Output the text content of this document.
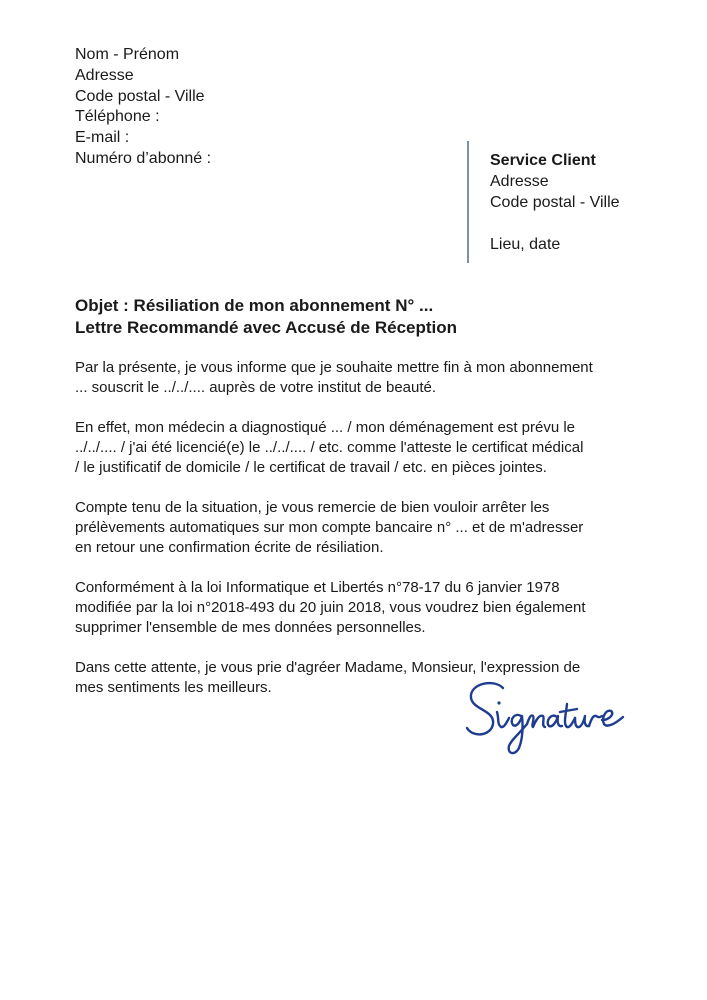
Nom - Prénom
Adresse
Code postal - Ville
Téléphone :
E-mail :
Numéro d’abonné :	Service Client
Adresse
Code postal - Ville
Lieu, date
Objet : Résiliation de mon abonnement N° ...
Lettre Recommandé avec Accusé de Réception

Par la présente, je vous informe que je souhaite mettre fin à mon abonnement
... souscrit le ../../.... auprès de votre institut de beauté.

En effet, mon médecin a diagnostiqué ... / mon déménagement est prévu le
../../.... / j'ai été licencié(e) le ../../.... / etc. comme l'atteste le certificat médical
/ le justificatif de domicile / le certificat de travail / etc. en pièces jointes.

Compte tenu de la situation, je vous remercie de bien vouloir arrêter les
prélèvements automatiques sur mon compte bancaire n° ... et de m'adresser
en retour une confirmation écrite de résiliation.

Conformément à la loi Informatique et Libertés n°78-17 du 6 janvier 1978
modifiée par la loi n°2018-493 du 20 juin 2018, vous voudrez bien également
supprimer l'ensemble de mes données personnelles.

Dans cette attente, je vous prie d'agréer Madame, Monsieur, l'expression de
mes sentiments les meilleurs.
